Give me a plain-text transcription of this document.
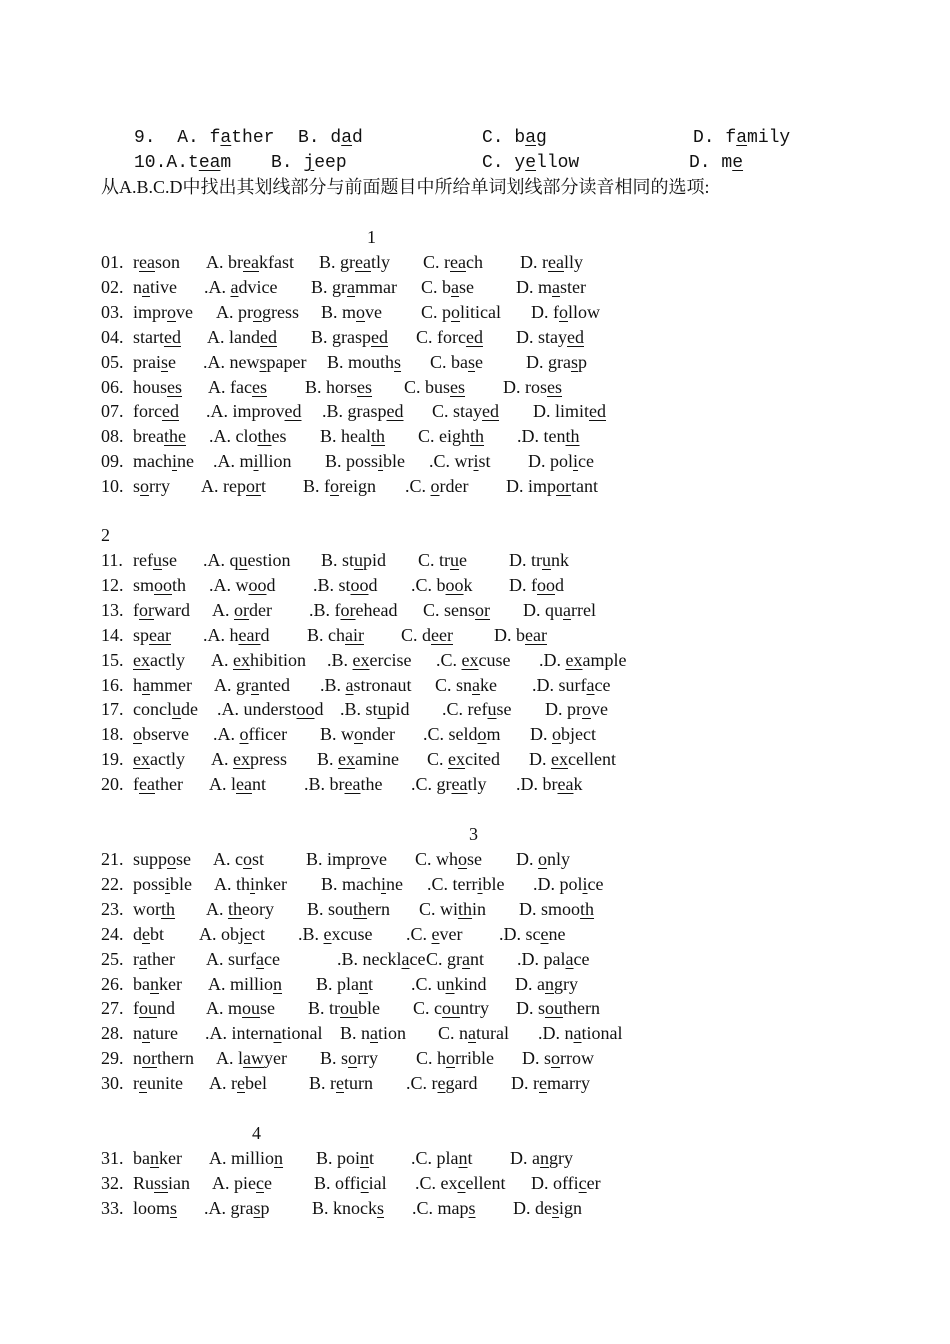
9.  A. father B. dad	C. bag	D. family
10.A.team B. jeep	C. yellow	D. me
从A.B.C.D中找出其划线部分与前面题目中所给单词划线部分读音相同的选项:
1
01. reason A. breakfast B. greatly C. reach D. really
02. native .A. advice B. grammar C. base D. master
03. improve A. progress B. move C. political D. follow
04. started A. landed B. grasped C. forced D. stayed
05. praise .A. newspaper B. mouths C. base D. grasp
06. houses A. faces B. horses C. buses D. roses
07. forced .A. improved .B. grasped C. stayed D. limited
08. breathe .A. clothes B. health C. eighth .D. tenth
09. machine .A. million B. possible .C. wrist D. police
10. sorry A. report B. foreign .C. order D. important
2
11. refuse .A. question B. stupid C. true D. trunk
12. smooth .A. wood .B. stood .C. book D. food
13. forward A. order .B. forehead C. sensor D. quarrel
14. spear .A. heard B. chair C. deer D. bear
15. exactly A. exhibition .B. exercise .C. excuse .D. example
16. hammer A. granted .B. astronaut C. snake .D. surface
17. conclude .A. understood .B. stupid .C. refuse D. prove
18. observe .A. officer B. wonder .C. seldom D. object
19. exactly A. express B. examine C. excited D. excellent
20. feather A. leant .B. breathe .C. greatly .D. break
3
21. suppose A. cost B. improve C. whose D. only
22. possible A. thinker B. machine .C. terrible .D. police
23. worth A. theory B. southern C. within D. smooth
24. debt A. object .B. excuse .C. ever .D. scene
25. rather A. surface	.B. necklace C. grant .D. palace
26. banker A. million B. plant .C. unkind D. angry
27. found A. mouse B. trouble C. country D. southern
28. nature .A. international B. nation C. natural .D. national
29. northern A. lawyer B. sorry C. horrible D. sorrow
30. reunite A. rebel B. return .C. regard D. remarry
4
31. banker A. million B. point .C. plant D. angry
32. Russian A. piece B. official .C. excellent D. officer
33. looms .A. grasp B. knocks .C. maps D. design
